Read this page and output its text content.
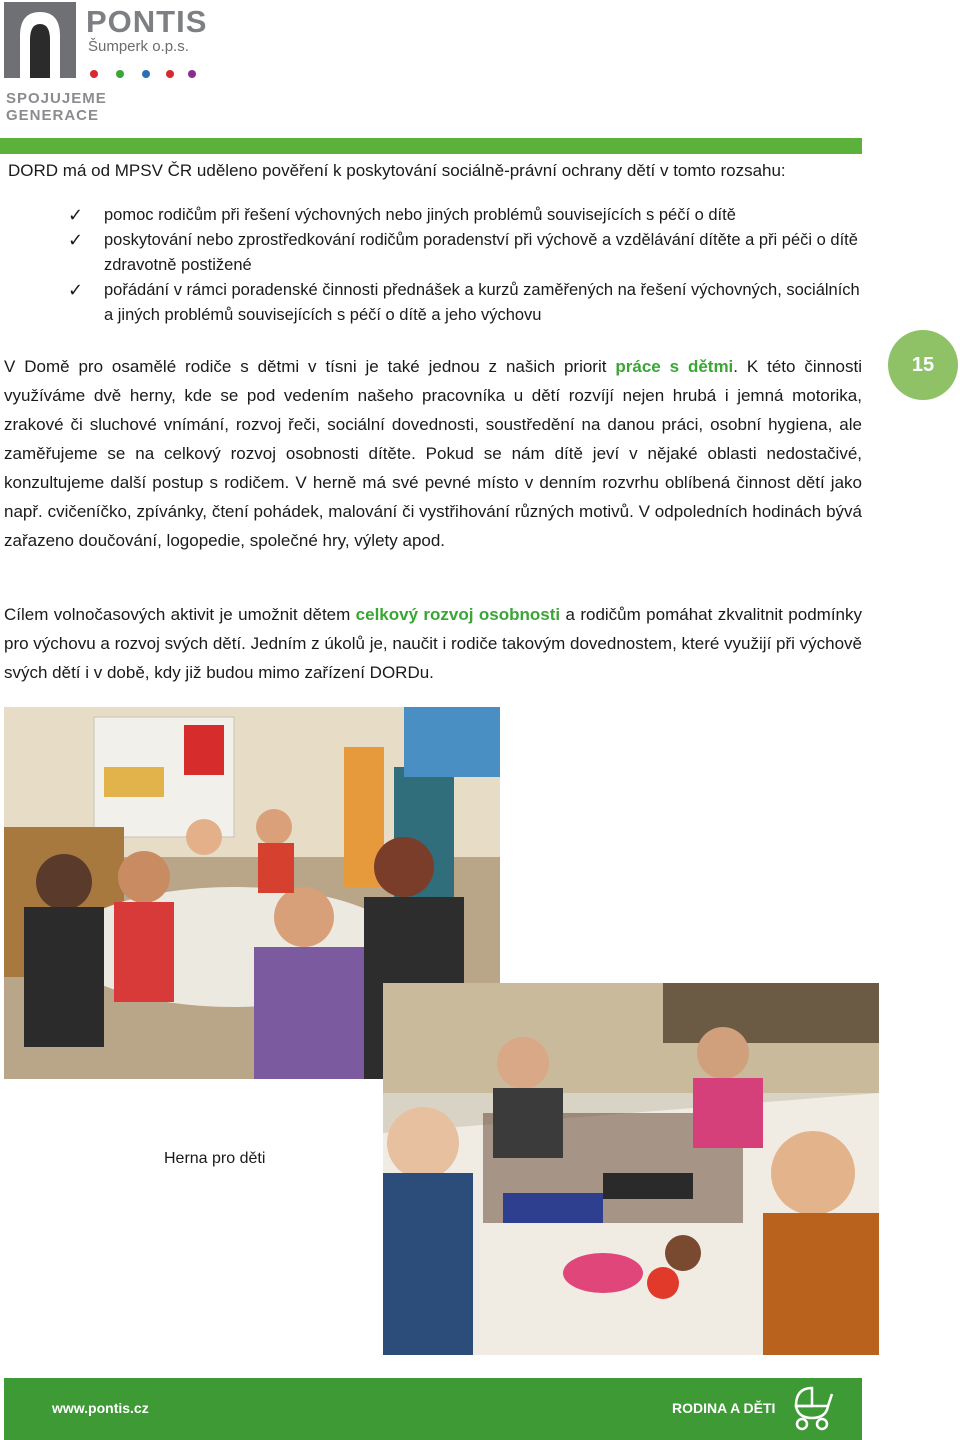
PONTIS
Šumperk o.p.s.
SPOJUJEME GENERACE
15
DORD má od MPSV ČR uděleno pověření k poskytování sociálně-právní ochrany dětí v tomto rozsahu:
✓ pomoc rodičům při řešení výchovných nebo jiných problémů souvisejících s péčí o dítě
✓ poskytování nebo zprostředkování rodičům poradenství při výchově a vzdělávání dítěte a při péči o dítě zdravotně postižené
✓ pořádání v rámci poradenské činnosti přednášek a kurzů zaměřených na řešení výchovných, sociálních a jiných problémů souvisejících s péčí o dítě a jeho výchovu

V Domě pro osamělé rodiče s dětmi v tísni je také jednou z našich priorit práce s dětmi. K této činnosti využíváme dvě herny, kde se pod vedením našeho pracovníka u dětí rozvíjí nejen hrubá i jemná motorika, zrakové či sluchové vnímání, rozvoj řeči, sociální dovednosti, soustředění na danou práci, osobní hygiena, ale zaměřujeme se na celkový rozvoj osobnosti dítěte. Pokud se nám dítě jeví v nějaké oblasti nedostačivé, konzultujeme další postup s rodičem. V herně má své pevné místo v denním rozvrhu oblíbená činnost dětí jako např. cvičeníčko, zpívánky, čtení pohádek, malování či vystřihování různých motivů. V odpoledních hodinách bývá zařazeno doučování, logopedie, společné hry, výlety apod.

Cílem volnočasových aktivit je umožnit dětem celkový rozvoj osobnosti a rodičům pomáhat zkvalitnit podmínky pro výchovu a rozvoj svých dětí. Jedním z úkolů je, naučit i rodiče takovým dovednostem, které využijí při výchově svých dětí i v době, kdy již budou mimo zařízení DORDu.

Herna pro děti
www.pontis.cz	RODINA A DĚTI
